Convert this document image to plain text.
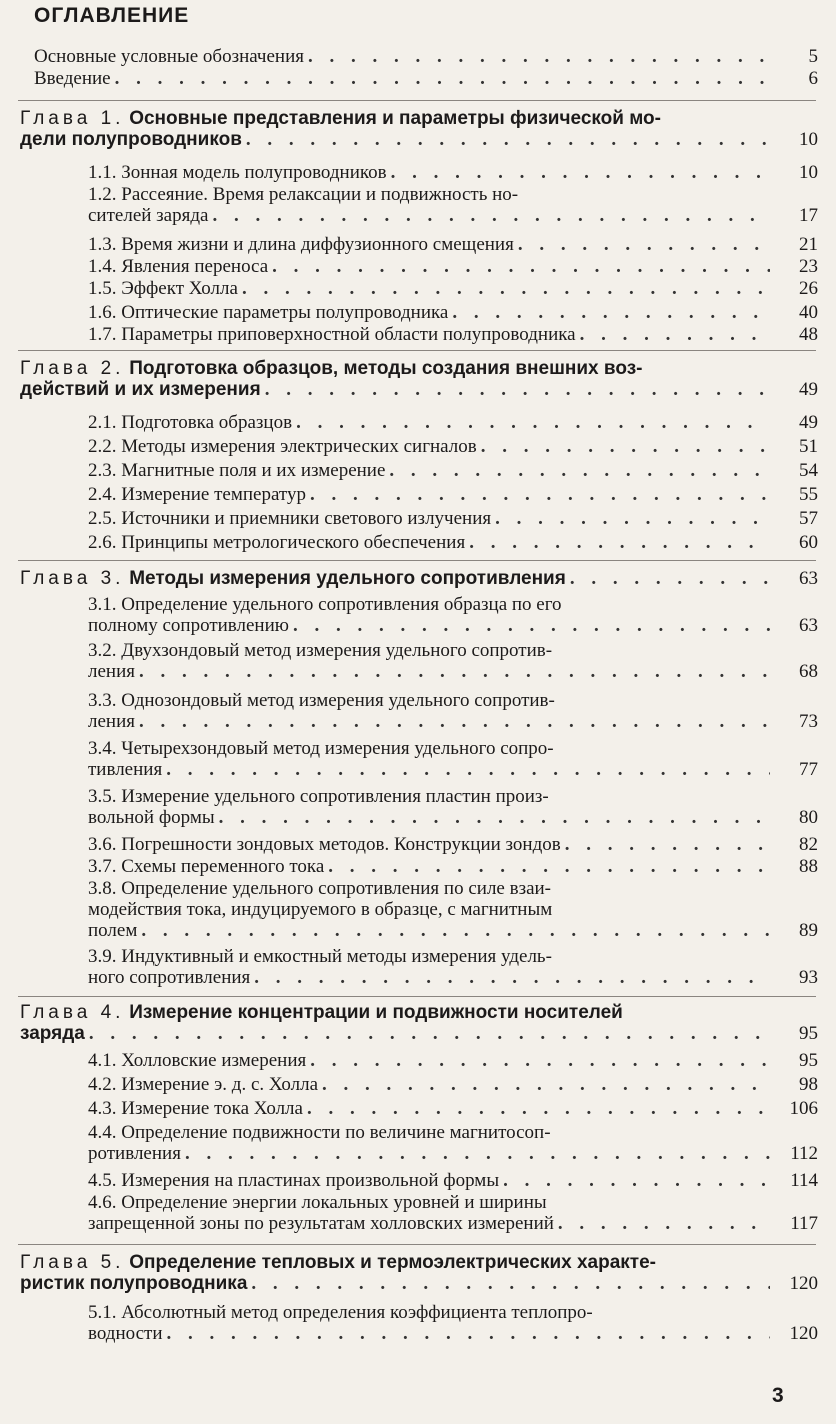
ОГЛАВЛЕНИЕ
Основные условные обозначения . . .	5
Введение . . .	6
Глава 1. Основные представления и параметры физической мо-
дели полупроводников . . .	10
1.1. Зонная модель полупроводников . . .	10
1.2. Рассеяние. Время релаксации и подвижность но-
сителей заряда . . .	17
1.3. Время жизни и длина диффузионного смещения . . .	21
1.4. Явления переноса . . .	23
1.5. Эффект Холла . . .	26
1.6. Оптические параметры полупроводника . . .	40
1.7. Параметры приповерхностной области полупроводника . . .	48
Глава 2. Подготовка образцов, методы создания внешних воз-
действий и их измерения . . .	49
2.1. Подготовка образцов . . .	49
2.2. Методы измерения электрических сигналов . . .	51
2.3. Магнитные поля и их измерение . . .	54
2.4. Измерение температур . . .	55
2.5. Источники и приемники светового излучения . . .	57
2.6. Принципы метрологического обеспечения . . .	60
Глава 3. Методы измерения удельного сопротивления . . .	63
3.1. Определение удельного сопротивления образца по его
полному сопротивлению . . .	63
3.2. Двухзондовый метод измерения удельного сопротив-
ления . . .	68
3.3. Однозондовый метод измерения удельного сопротив-
ления . . .	73
3.4. Четырехзондовый метод измерения удельного сопро-
тивления . . .	77
3.5. Измерение удельного сопротивления пластин произ-
вольной формы . . .	80
3.6. Погрешности зондовых методов. Конструкции зондов . . .	82
3.7. Схемы переменного тока . . .	88
3.8. Определение удельного сопротивления по силе взаи-
модействия тока, индуцируемого в образце, с магнитным
полем . . .	89
3.9. Индуктивный и емкостный методы измерения удель-
ного сопротивления . . .	93
Глава 4. Измерение концентрации и подвижности носителей
заряда . . .	95
4.1. Холловские измерения . . .	95
4.2. Измерение э. д. с. Холла . . .	98
4.3. Измерение тока Холла . . .	106
4.4. Определение подвижности по величине магнитосоп-
ротивления . . .	112
4.5. Измерения на пластинах произвольной формы . . .	114
4.6. Определение энергии локальных уровней и ширины
запрещенной зоны по результатам холловских измерений . . .	117
Глава 5. Определение тепловых и термоэлектрических характе-
ристик полупроводника . . .	120
5.1. Абсолютный метод определения коэффициента теплопро-
водности . . .	120
3
